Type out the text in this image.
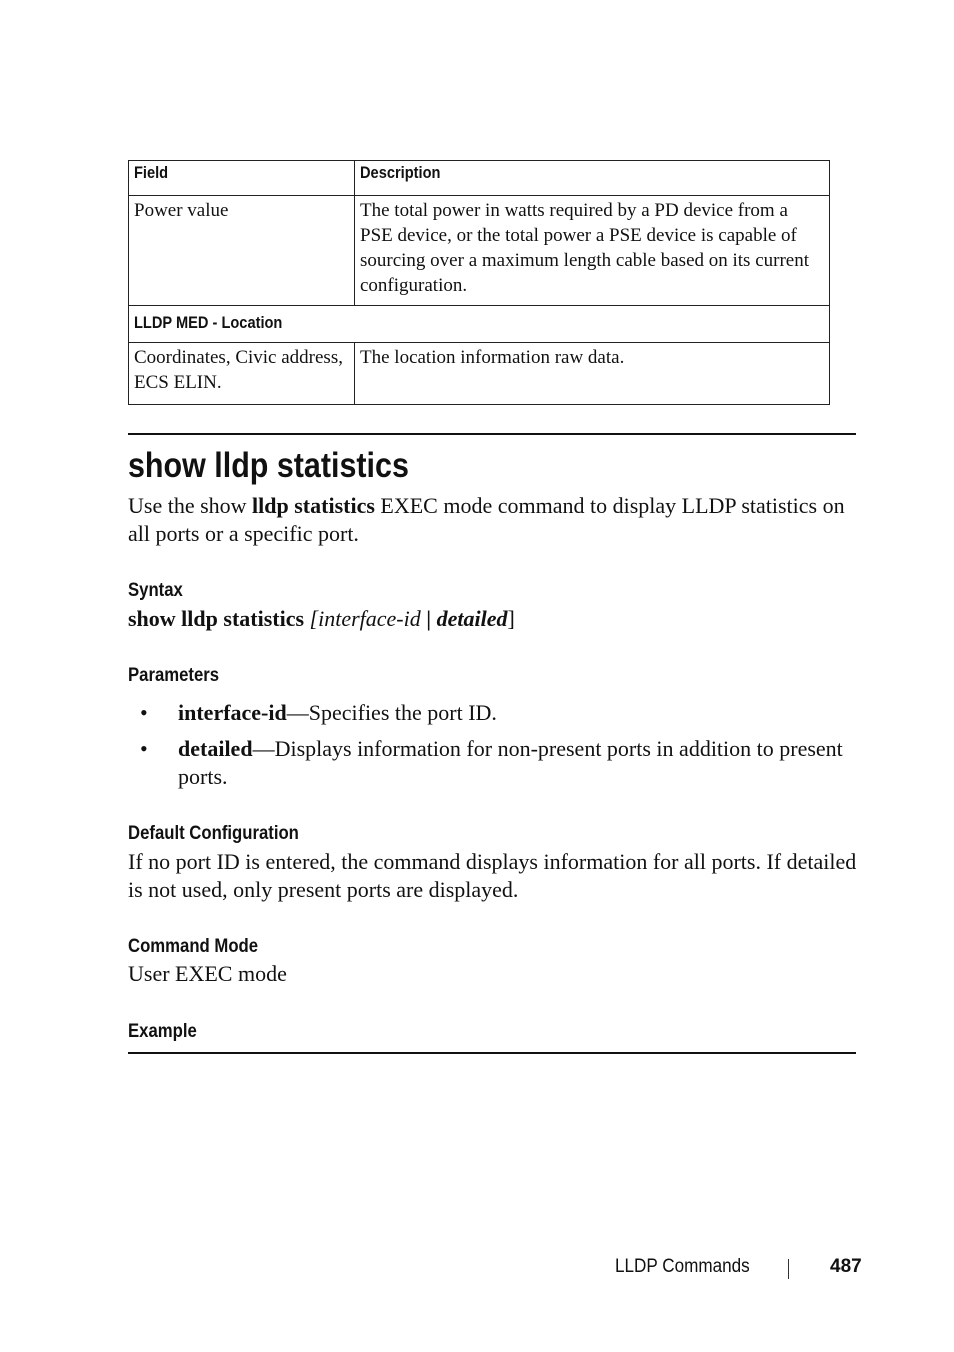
Field	Description
Power value	The total power in watts required by a PD device from a PSE device, or the total power a PSE device is capable of sourcing over a maximum length cable based on its current configuration.
LLDP MED - Location	
Coordinates, Civic address, ECS ELIN.	The location information raw data.
show lldp statistics

Use the show lldp statistics EXEC mode command to display LLDP statistics on all ports or a specific port.

Syntax

show lldp statistics [interface-id | detailed]

Parameters
• interface-id—Specifies the port ID.
• detailed—Displays information for non-present ports in addition to present ports.
Default Configuration

If no port ID is entered, the command displays information for all ports. If detailed is not used, only present ports are displayed.

Command Mode

User EXEC mode

Example
LLDP Commands	487
